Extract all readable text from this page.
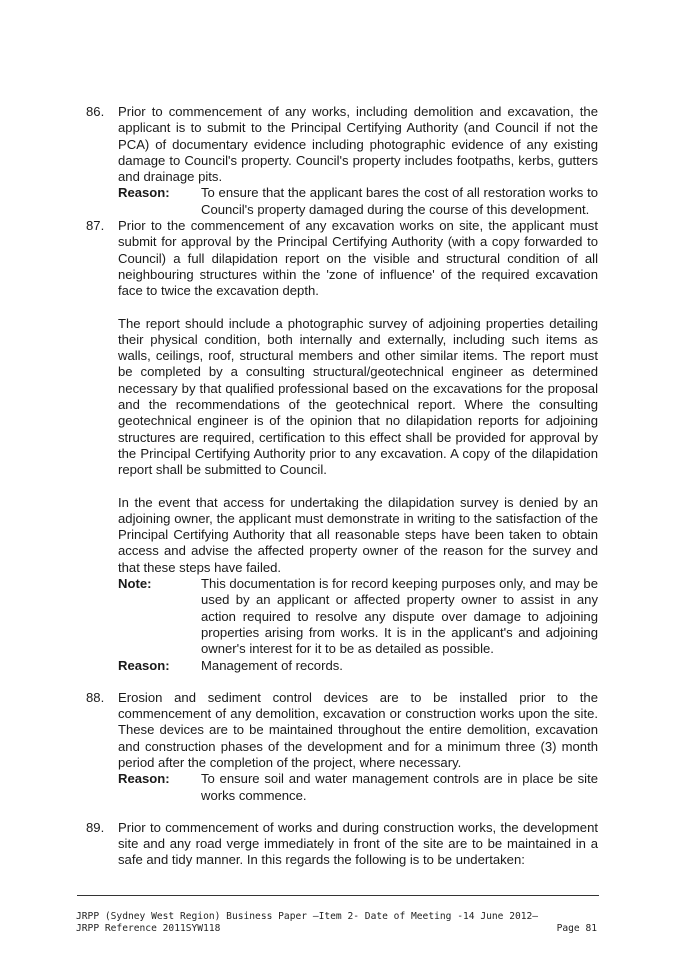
86.	Prior to commencement of any works, including demolition and excavation, the applicant is to submit to the Principal Certifying Authority (and Council if not the PCA) of documentary evidence including photographic evidence of any existing damage to Council's property. Council's property includes footpaths, kerbs, gutters and drainage pits.

Reason:	To ensure that the applicant bares the cost of all restoration works to Council's property damaged during the course of this development.
87.	Prior to the commencement of any excavation works on site, the applicant must submit for approval by the Principal Certifying Authority (with a copy forwarded to Council) a full dilapidation report on the visible and structural condition of all neighbouring structures within the 'zone of influence' of the required excavation face to twice the excavation depth.

The report should include a photographic survey of adjoining properties detailing their physical condition, both internally and externally, including such items as walls, ceilings, roof, structural members and other similar items. The report must be completed by a consulting structural/geotechnical engineer as determined necessary by that qualified professional based on the excavations for the proposal and the recommendations of the geotechnical report. Where the consulting geotechnical engineer is of the opinion that no dilapidation reports for adjoining structures are required, certification to this effect shall be provided for approval by the Principal Certifying Authority prior to any excavation. A copy of the dilapidation report shall be submitted to Council.

In the event that access for undertaking the dilapidation survey is denied by an adjoining owner, the applicant must demonstrate in writing to the satisfaction of the Principal Certifying Authority that all reasonable steps have been taken to obtain access and advise the affected property owner of the reason for the survey and that these steps have failed.

Note:	This documentation is for record keeping purposes only, and may be used by an applicant or affected property owner to assist in any action required to resolve any dispute over damage to adjoining properties arising from works. It is in the applicant's and adjoining owner's interest for it to be as detailed as possible.
Reason:	Management of records.
88.	Erosion and sediment control devices are to be installed prior to the commencement of any demolition, excavation or construction works upon the site. These devices are to be maintained throughout the entire demolition, excavation and construction phases of the development and for a minimum three (3) month period after the completion of the project, where necessary.

Reason:	To ensure soil and water management controls are in place be site works commence.
89.	Prior to commencement of works and during construction works, the development site and any road verge immediately in front of the site are to be maintained in a safe and tidy manner. In this regards the following is to be undertaken:

JRPP (Sydney West Region) Business Paper –Item 2- Date of Meeting -14 June 2012–
JRPP Reference 2011SYW118	Page 81
